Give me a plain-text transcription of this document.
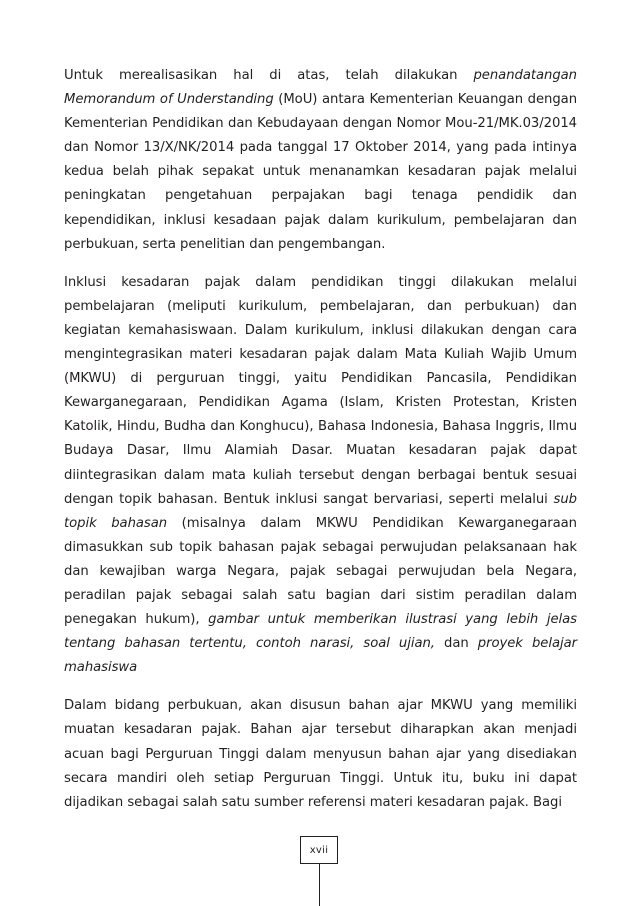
Untuk merealisasikan hal di atas, telah dilakukan penandatangan Memorandum of Understanding (MoU) antara Kementerian Keuangan dengan Kementerian Pendidikan dan Kebudayaan dengan Nomor Mou-21/MK.03/2014 dan Nomor 13/X/NK/2014 pada tanggal 17 Oktober 2014, yang pada intinya kedua belah pihak sepakat untuk menanamkan kesadaran pajak melalui peningkatan pengetahuan perpajakan bagi tenaga pendidik dan kependidikan, inklusi kesadaan pajak dalam kurikulum, pembelajaran dan perbukuan, serta penelitian dan pengembangan.

Inklusi kesadaran pajak dalam pendidikan tinggi dilakukan melalui pembelajaran (meliputi kurikulum, pembelajaran, dan perbukuan) dan kegiatan kemahasiswaan. Dalam kurikulum, inklusi dilakukan dengan cara mengintegrasikan materi kesadaran pajak dalam Mata Kuliah Wajib Umum (MKWU) di perguruan tinggi, yaitu Pendidikan Pancasila, Pendidikan Kewarganegaraan, Pendidikan Agama (Islam, Kristen Protestan, Kristen Katolik, Hindu, Budha dan Konghucu), Bahasa Indonesia, Bahasa Inggris, Ilmu Budaya Dasar, Ilmu Alamiah Dasar. Muatan kesadaran pajak dapat diintegrasikan dalam mata kuliah tersebut dengan berbagai bentuk sesuai dengan topik bahasan. Bentuk inklusi sangat bervariasi, seperti melalui sub topik bahasan (misalnya dalam MKWU Pendidikan Kewarganegaraan dimasukkan sub topik bahasan pajak sebagai perwujudan pelaksanaan hak dan kewajiban warga Negara, pajak sebagai perwujudan bela Negara, peradilan pajak sebagai salah satu bagian dari sistim peradilan dalam penegakan hukum), gambar untuk memberikan ilustrasi yang lebih jelas tentang bahasan tertentu, contoh narasi, soal ujian, dan proyek belajar mahasiswa

Dalam bidang perbukuan, akan disusun bahan ajar MKWU yang memiliki muatan kesadaran pajak. Bahan ajar tersebut diharapkan akan menjadi acuan bagi Perguruan Tinggi dalam menyusun bahan ajar yang disediakan secara mandiri oleh setiap Perguruan Tinggi. Untuk itu, buku ini dapat dijadikan sebagai salah satu sumber referensi materi kesadaran pajak. Bagi

xvii
